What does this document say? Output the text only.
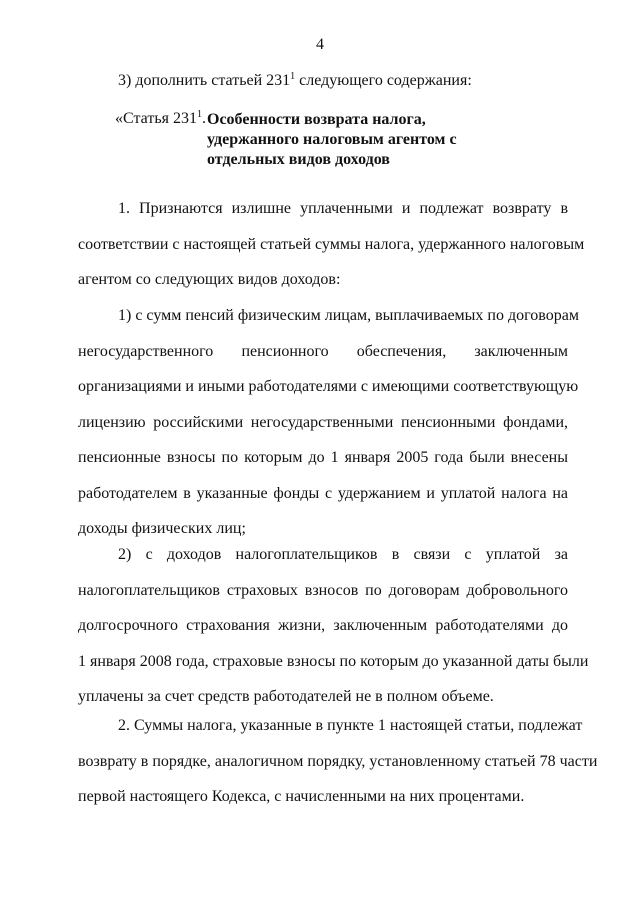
4
3) дополнить статьей $231^1$ следующего содержания:
«Статья $231^1$. Особенности возврата налога,
удержанного налоговым агентом с
отдельных видов доходов
1. Признаются излишне уплаченными и подлежат возврату в
соответствии с настоящей статьей суммы налога, удержанного налоговым
агентом со следующих видов доходов:
1) с сумм пенсий физическим лицам, выплачиваемых по договорам
негосударственного пенсионного обеспечения, заключенным
организациями и иными работодателями с имеющими соответствующую
лицензию российскими негосударственными пенсионными фондами,
пенсионные взносы по которым до 1 января 2005 года были внесены
работодателем в указанные фонды с удержанием и уплатой налога на
доходы физических лиц;
2) с доходов налогоплательщиков в связи с уплатой за
налогоплательщиков страховых взносов по договорам добровольного
долгосрочного страхования жизни, заключенным работодателями до
1 января 2008 года, страховые взносы по которым до указанной даты были
уплачены за счет средств работодателей не в полном объеме.
2. Суммы налога, указанные в пункте 1 настоящей статьи, подлежат
возврату в порядке, аналогичном порядку, установленному статьей 78 части
первой настоящего Кодекса, с начисленными на них процентами.
